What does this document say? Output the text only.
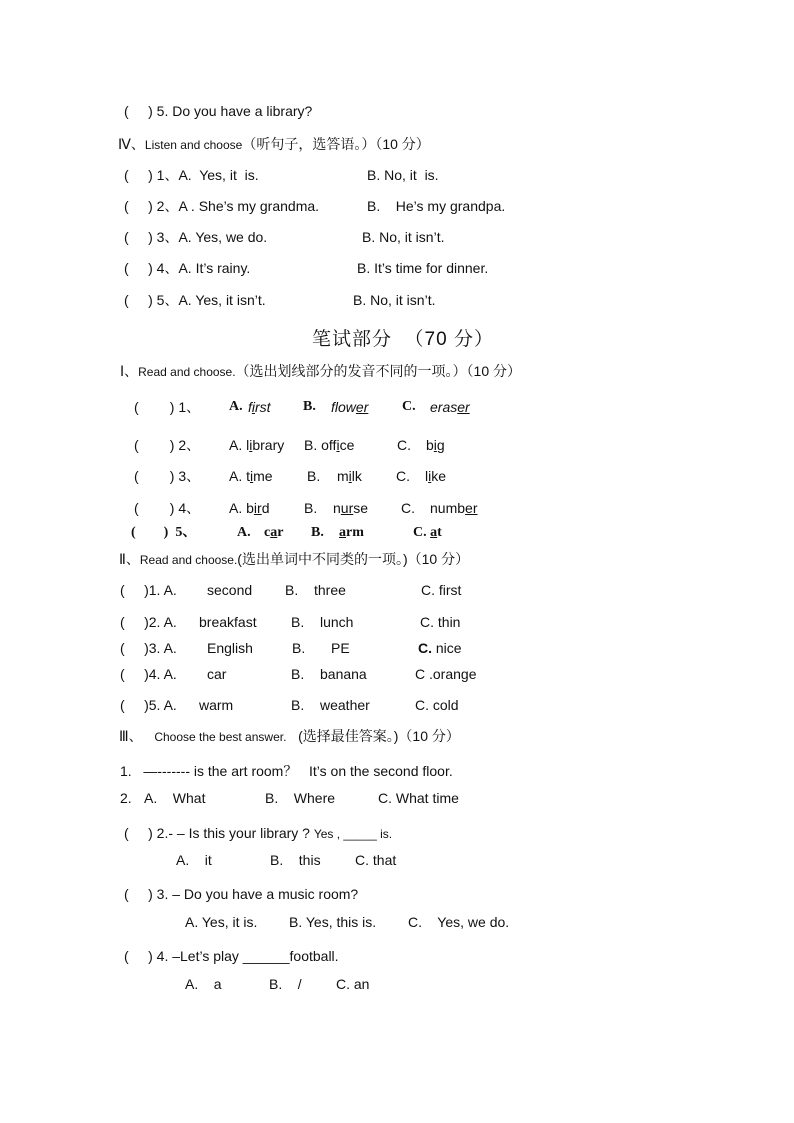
(     ) 5. Do you have a library?
Ⅳ、Listen and choose（听句子，选答语。）（10 分）
(     ) 1、A.  Yes, it  is.	B. No, it  is.
(     ) 2、A . She’s my grandma.	B.    He’s my grandpa.
(     ) 3、A. Yes, we do.	B. No, it isn’t.
(     ) 4、A. It’s rainy.	B. It’s time for dinner.
(     ) 5、A. Yes, it isn’t.	B. No, it isn’t.
笔试部分  （70 分）
Ⅰ、Read and choose.（选出划线部分的发音不同的一项。）（10 分）
(        ) 1、 A. first B. flower C. eraser
(        ) 2、 A. library B. office	C. big
(        ) 3、 A. time B. milk C. like
(        ) 4、 A. bird B. nurse C. number
(        ) 5、	A. car B. arm	C. at
Ⅱ、Read and choose.(选出单词中不同类的一项。)（10 分）
(     )1. A. second B. three	C. first
(     )2. A. breakfast B. lunch	C. thin
(     )3. A. English	B. PE	C. nice
(     )4. A. car	B. banana	C .orange
(     )5. A. warm	B. weather	C. cold
Ⅲ、 Choose the best answer. (选择最佳答案。)（10 分）
1.   —------- is the art room？   It’s on the second floor.
2. A.    What	B.    Where	C. What time
(     ) 2.- – Is this your library ? Yes , _____ is.
A.    it	B.    this C. that
(     ) 3. – Do you have a music room?
A. Yes, it is. B. Yes, this is. C.    Yes, we do.
(     ) 4. –Let’s play ______football.
A.    a	B.    / C. an
